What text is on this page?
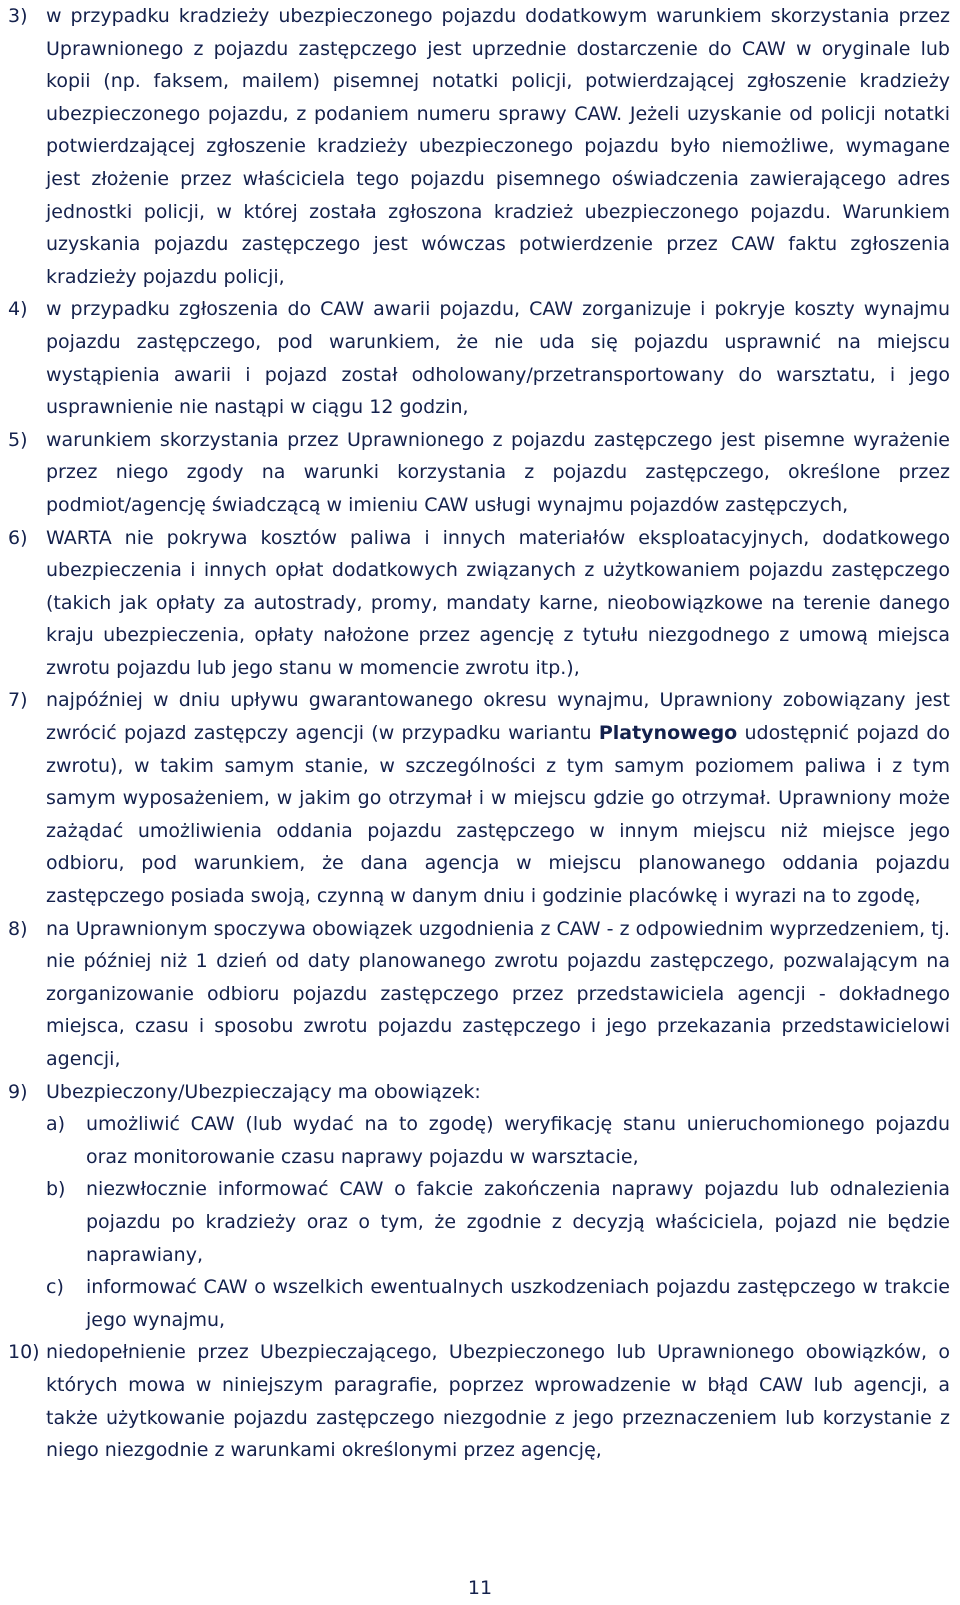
3) w przypadku kradzieży ubezpieczonego pojazdu dodatkowym warunkiem skorzystania przez Uprawnionego z pojazdu zastępczego jest uprzednie dostarczenie do CAW w oryginale lub kopii (np. faksem, mailem) pisemnej notatki policji, potwierdzającej zgłoszenie kradzieży ubezpieczonego pojazdu, z podaniem numeru sprawy CAW. Jeżeli uzyskanie od policji notatki potwierdzającej zgłoszenie kradzieży ubezpieczonego pojazdu było niemożliwe, wymagane jest złożenie przez właściciela tego pojazdu pisemnego oświadczenia zawierającego adres jednostki policji, w której została zgłoszona kradzież ubezpieczonego pojazdu. Warunkiem uzyskania pojazdu zastępczego jest wówczas potwierdzenie przez CAW faktu zgłoszenia kradzieży pojazdu policji,
4) w przypadku zgłoszenia do CAW awarii pojazdu, CAW zorganizuje i pokryje koszty wynajmu pojazdu zastępczego, pod warunkiem, że nie uda się pojazdu usprawnić na miejscu wystąpienia awarii i pojazd został odholowany/przetransportowany do warsztatu, i jego usprawnienie nie nastąpi w ciągu 12 godzin,
5) warunkiem skorzystania przez Uprawnionego z pojazdu zastępczego jest pisemne wyrażenie przez niego zgody na warunki korzystania z pojazdu zastępczego, określone przez podmiot/agencję świadczącą w imieniu CAW usługi wynajmu pojazdów zastępczych,
6) WARTA nie pokrywa kosztów paliwa i innych materiałów eksploatacyjnych, dodatkowego ubezpieczenia i innych opłat dodatkowych związanych z użytkowaniem pojazdu zastępczego (takich jak opłaty za autostrady, promy, mandaty karne, nieobowiązkowe na terenie danego kraju ubezpieczenia, opłaty nałożone przez agencję z tytułu niezgodnego z umową miejsca zwrotu pojazdu lub jego stanu w momencie zwrotu itp.),
7) najpóźniej w dniu upływu gwarantowanego okresu wynajmu, Uprawniony zobowiązany jest zwrócić pojazd zastępczy agencji (w przypadku wariantu Platynowego udostępnić pojazd do zwrotu), w takim samym stanie, w szczególności z tym samym poziomem paliwa i z tym samym wyposażeniem, w jakim go otrzymał i w miejscu gdzie go otrzymał. Uprawniony może zażądać umożliwienia oddania pojazdu zastępczego w innym miejscu niż miejsce jego odbioru, pod warunkiem, że dana agencja w miejscu planowanego oddania pojazdu zastępczego posiada swoją, czynną w danym dniu i godzinie placówkę i wyrazi na to zgodę,
8) na Uprawnionym spoczywa obowiązek uzgodnienia z CAW - z odpowiednim wyprzedzeniem, tj. nie później niż 1 dzień od daty planowanego zwrotu pojazdu zastępczego, pozwalającym na zorganizowanie odbioru pojazdu zastępczego przez przedstawiciela agencji - dokładnego miejsca, czasu i sposobu zwrotu pojazdu zastępczego i jego przekazania przedstawicielowi agencji,
9) Ubezpieczony/Ubezpieczający ma obowiązek:
a) umożliwić CAW (lub wydać na to zgodę) weryfikację stanu unieruchomionego pojazdu oraz monitorowanie czasu naprawy pojazdu w warsztacie,
b) niezwłocznie informować CAW o fakcie zakończenia naprawy pojazdu lub odnalezienia pojazdu po kradzieży oraz o tym, że zgodnie z decyzją właściciela, pojazd nie będzie naprawiany,
c) informować CAW o wszelkich ewentualnych uszkodzeniach pojazdu zastępczego w trakcie jego wynajmu,
10) niedopełnienie przez Ubezpieczającego, Ubezpieczonego lub Uprawnionego obowiązków, o których mowa w niniejszym paragrafie, poprzez wprowadzenie w błąd CAW lub agencji, a także użytkowanie pojazdu zastępczego niezgodnie z jego przeznaczeniem lub korzystanie z niego niezgodnie z warunkami określonymi przez agencję,
11
